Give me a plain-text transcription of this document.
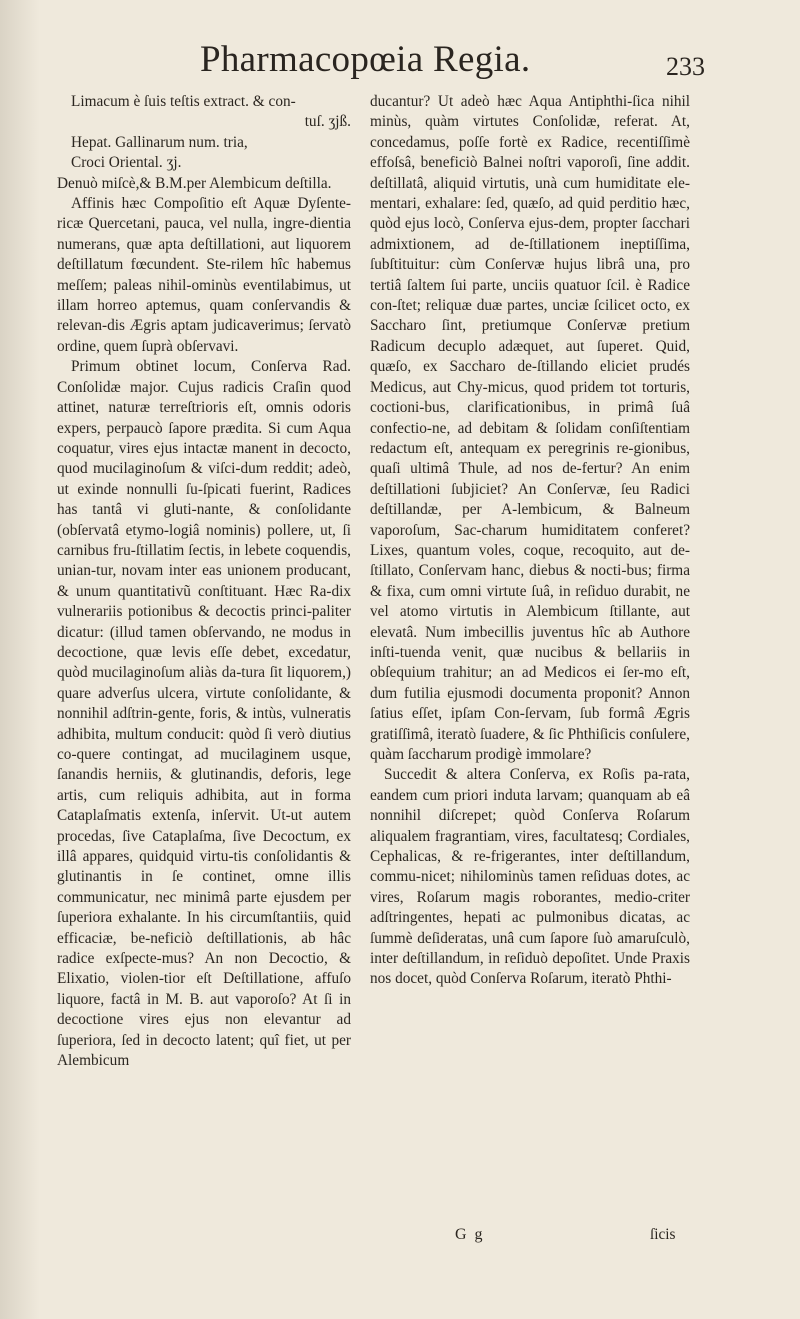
Pharmacopœia Regia.	233

Limacum è ſuis teſtis extract. & con-

tuſ. ʒjß.

Hepat. Gallinarum num. tria,

Croci Oriental. ʒj.

Denuò miſcè,& B.M.per Alembicum deſtilla.

Affinis hæc Compoſitio eſt Aquæ Dyſente-ricæ Quercetani, pauca, vel nulla, ingre-dientia numerans, quæ apta deſtillationi, aut liquorem deſtillatum fœcundent. Ste-rilem hîc habemus meſſem; paleas nihil-ominùs eventilabimus, ut illam horreo aptemus, quam conſervandis & relevan-dis Ægris aptam judicaverimus; ſervatò ordine, quem ſuprà obſervavi.

Primum obtinet locum, Conſerva Rad. Conſolidæ major. Cujus radicis Craſin quod attinet, naturæ terreſtrioris eſt, omnis odoris expers, perpaucò ſapore prædita. Si cum Aqua coquatur, vires ejus intactæ manent in decocto, quod mucilaginoſum & viſci-dum reddit; adeò, ut exinde nonnulli ſu-ſpicati fuerint, Radices has tantâ vi gluti-nante, & conſolidante (obſervatâ etymo-logiâ nominis) pollere, ut, ſi carnibus fru-ſtillatim ſectis, in lebete coquendis, unian-tur, novam inter eas unionem producant, & unum quantitativũ conſtituant. Hæc Ra-dix vulnerariis potionibus & decoctis princi-paliter dicatur: (illud tamen obſervando, ne modus in decoctione, quæ levis eſſe debet, excedatur, quòd mucilaginoſum aliàs da-tura ſit liquorem,) quare adverſus ulcera, virtute conſolidante, & nonnihil adſtrin-gente, foris, & intùs, vulneratis adhibita, multum conducit: quòd ſi verò diutius co-quere contingat, ad mucilaginem usque, ſanandis herniis, & glutinandis, deforis, lege artis, cum reliquis adhibita, aut in forma Cataplaſmatis extenſa, inſervit. Ut-ut autem procedas, ſive Cataplaſma, ſive Decoctum, ex illâ appares, quidquid virtu-tis conſolidantis & glutinantis in ſe continet, omne illis communicatur, nec minimâ parte ejusdem per ſuperiora exhalante. In his circumſtantiis, quid efficaciæ, be-neficiò deſtillationis, ab hâc radice exſpecte-mus? An non Decoctio, & Elixatio, violen-tior eſt Deſtillatione, affuſo liquore, factâ in M. B. aut vaporoſo? At ſi in decoctione vires ejus non elevantur ad ſuperiora, ſed in decocto latent; quî fiet, ut per Alembicum

ducantur? Ut adeò hæc Aqua Antiphthi-ſica nihil minùs, quàm virtutes Conſolidæ, referat. At, concedamus, poſſe fortè ex Radice, recentiſſimè effoſsâ, beneficiò Balnei noſtri vaporoſi, ſine addit. deſtillatâ, aliquid virtutis, unà cum humiditate ele-mentari, exhalare: ſed, quæſo, ad quid perditio hæc, quòd ejus locò, Conſerva ejus-dem, propter ſacchari admixtionem, ad de-ſtillationem ineptiſſima, ſubſtituitur: cùm Conſervæ hujus librâ una, pro tertiâ ſaltem ſui parte, unciis quatuor ſcil. è Radice con-ſtet; reliquæ duæ partes, unciæ ſcilicet octo, ex Saccharo ſint, pretiumque Conſervæ pretium Radicum decuplo adæquet, aut ſuperet. Quid, quæſo, ex Saccharo de-ſtillando eliciet prudés Medicus, aut Chy-micus, quod pridem tot torturis, coctioni-bus, clarificationibus, in primâ ſuâ confectio-ne, ad debitam & ſolidam conſiſtentiam redactum eſt, antequam ex peregrinis re-gionibus, quaſi ultimâ Thule, ad nos de-fertur? An enim deſtillationi ſubjiciet? An Conſervæ, ſeu Radici deſtillandæ, per A-lembicum, & Balneum vaporoſum, Sac-charum humiditatem conferet? Lixes, quantum voles, coque, recoquito, aut de-ſtillato, Conſervam hanc, diebus & nocti-bus; firma & fixa, cum omni virtute ſuâ, in reſiduo durabit, ne vel atomo virtutis in Alembicum ſtillante, aut elevatâ. Num imbecillis juventus hîc ab Authore inſti-tuenda venit, quæ nucibus & bellariis in obſequium trahitur; an ad Medicos ei ſer-mo eſt, dum futilia ejusmodi documenta proponit? Annon ſatius eſſet, ipſam Con-ſervam, ſub formâ Ægris gratiſſimâ, iteratò ſuadere, & ſic Phthiſicis conſulere, quàm ſaccharum prodigè immolare?

Succedit & altera Conſerva, ex Roſis pa-rata, eandem cum priori induta larvam; quanquam ab eâ nonnihil diſcrepet; quòd Conſerva Roſarum aliqualem fragrantiam, vires, facultatesq; Cordiales, Cephalicas, & re-frigerantes, inter deſtillandum, commu-nicet; nihilominùs tamen reſiduas dotes, ac vires, Roſarum magis roborantes, medio-criter adſtringentes, hepati ac pulmonibus dicatas, ac ſummè deſideratas, unâ cum ſapore ſuò amaruſculò, inter deſtillandum, in reſiduò depoſitet. Unde Praxis nos docet, quòd Conſerva Roſarum, iteratò Phthi-

G g	ſicis
